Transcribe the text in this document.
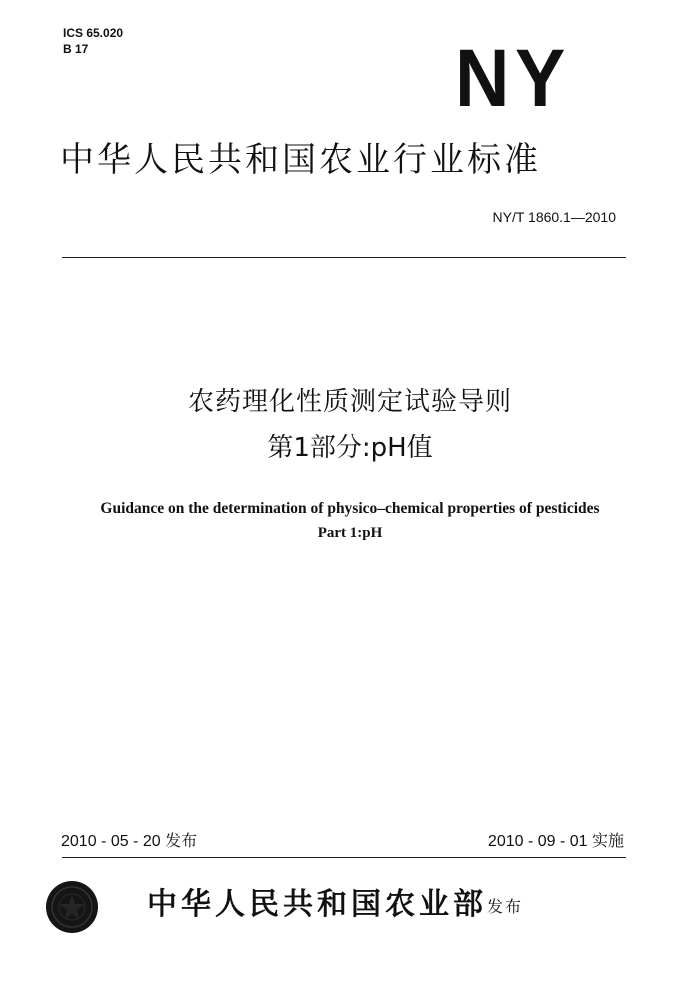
ICS 65.020
B 17	NY
中华人民共和国农业行业标准
NY/T 1860.1—2010
农药理化性质测定试验导则
第1部分:pH值
Guidance on the determination of physico–chemical properties of pesticides
Part 1:pH
2010 - 05 - 20 发布	2010 - 09 - 01 实施
中华人民共和国农业部 发布
